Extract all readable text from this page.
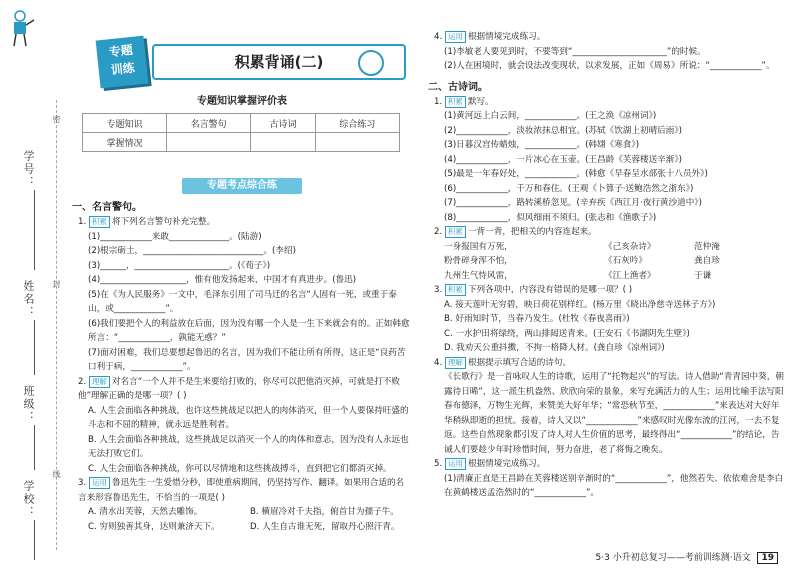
密
封
线
学号：
姓名：
班级：
学校：
专题
训练	积累背诵(二)
专题知识掌握评价表
专题知识	名言警句	古诗词	综合练习
掌握情况			
专题考点综合练
一、名言警句。
1. 积累 将下列名言警句补充完整。
(1)____________来敢______________。(陆游)
(2)根宗砺土，____________________________。(李绍)
(3)______，______________________。(《荀子》)
(4)____________________，惟有他发扬起来，中国才有真进步。(鲁迅)
(5)在《为人民服务》一文中，毛泽东引用了司马迁的名言“人固有一死，或重于泰山，或____________”。
(6)我们要把个人的利益放在后面，因为没有哪一个人是一生下来就会有的。正如韩愈所言：“____________，孰能无惑？”
(7)面对困难，我们总要想起鲁迅的名言，因为我们不能让所有所得，这正是“良药苦口利于病，____________”。
2. 理解 对名言“一个人并不是生来要给打败的，你尽可以把他消灭掉，可就是打不败他”理解正确的是哪一项？( )
A. 人生会面临各种挑战，也许这些挑战足以把人的肉体消灭，但一个人要保持旺盛的斗志和不屈的精神，就永远是胜利者。
B. 人生会面临各种挑战，这些挑战足以消灭一个人的肉体和意志，因为没有人永远也无法打败它们。
C. 人生会面临各种挑战，你可以尽情地和这些挑战搏斗，直到把它们都消灭掉。
3. 运用 鲁迅先生一生爱惜分秒，即使重病期间，仍坚持写作、翻译。如果用合适的名言来形容鲁迅先生，不恰当的一项是( )
A. 清水出芙蓉，天然去雕饰。	B. 横眉冷对千夫指，俯首甘为孺子牛。
C. 穷则独善其身，达则兼济天下。	D. 人生自古谁无死，留取丹心照汗青。
4. 运用 根据情境完成练习。
(1)李敏老人要见到时，不要等到“______________________”的时候。
(2)人在困境时，就会设法改变现状，以求发展，正如《周易》所说：“____________”。
二、古诗词。
1. 积累 默写。
(1)黄河远上白云间，____________。(王之涣《凉州词》)
(2)____________，淡妆浓抹总相宜。(苏轼《饮湖上初晴后雨》)
(3)日暮汉宫传蜡烛，____________。(韩翃《寒食》)
(4)____________，一片冰心在玉壶。(王昌龄《芙蓉楼送辛渐》)
(5)最是一年春好处，____________。(韩愈《早春呈水部张十八员外》)
(6)____________，千万和春住。(王观《卜算子·送鲍浩然之浙东》)
(7)____________，路转溪桥忽见。(辛弃疾《西江月·夜行黄沙道中》)
(8)____________，似风细雨不须归。(张志和《渔歌子》)
2. 积累 一背一背，把相关的内容连起来。
一身报国有万死，	《己亥杂诗》	范仲淹
粉骨碎身浑不怕，	《石灰吟》	龚自珍
九州生气恃风雷，	《江上渔者》	于谦
3. 积累 下列各项中，内容没有错误的是哪一项？( )
A. 接天莲叶无穷碧，映日荷花别样红。(杨万里《晓出净慈寺送林子方》)
B. 好雨知时节，当春乃发生。(杜牧《春夜喜雨》)
C. 一水护田将绿绕，两山排闼送青来。(王安石《书湖阴先生壁》)
D. 我劝天公重抖擞，不拘一格降人材。(龚自珍《凉州词》)
4. 理解 根据提示填写合适的诗句。
《长歌行》是一首咏叹人生的诗歌，运用了“托物起兴”的写法。诗人借助“青青园中葵，朝露待日晞”，这一派生机盎然、欣欣向荣的景象，来写充满活力的人生；运用比喻手法写阳春布德泽，万物生光辉，来赞美大好年华；“常恐秋节至，____________”来表达对大好年华稍纵即逝的担忧。接着，诗人又以“____________”来感叹时光像东流的江河，一去不复返。这些自然现象都引发了诗人对人生价值的思考，最终得出“____________”的结论，告诫人们要趁少年时珍惜时间，努力奋进，老了将悔之晚矣。
5. 运用 根据情境完成练习。
(1)清廉正直是王昌龄在芙蓉楼送别辛渐时的“____________”，他然若失、依依难舍是李白在黄鹤楼送孟浩然时的“____________”。
5·3 小升初总复习——考前训练测·语文 19
